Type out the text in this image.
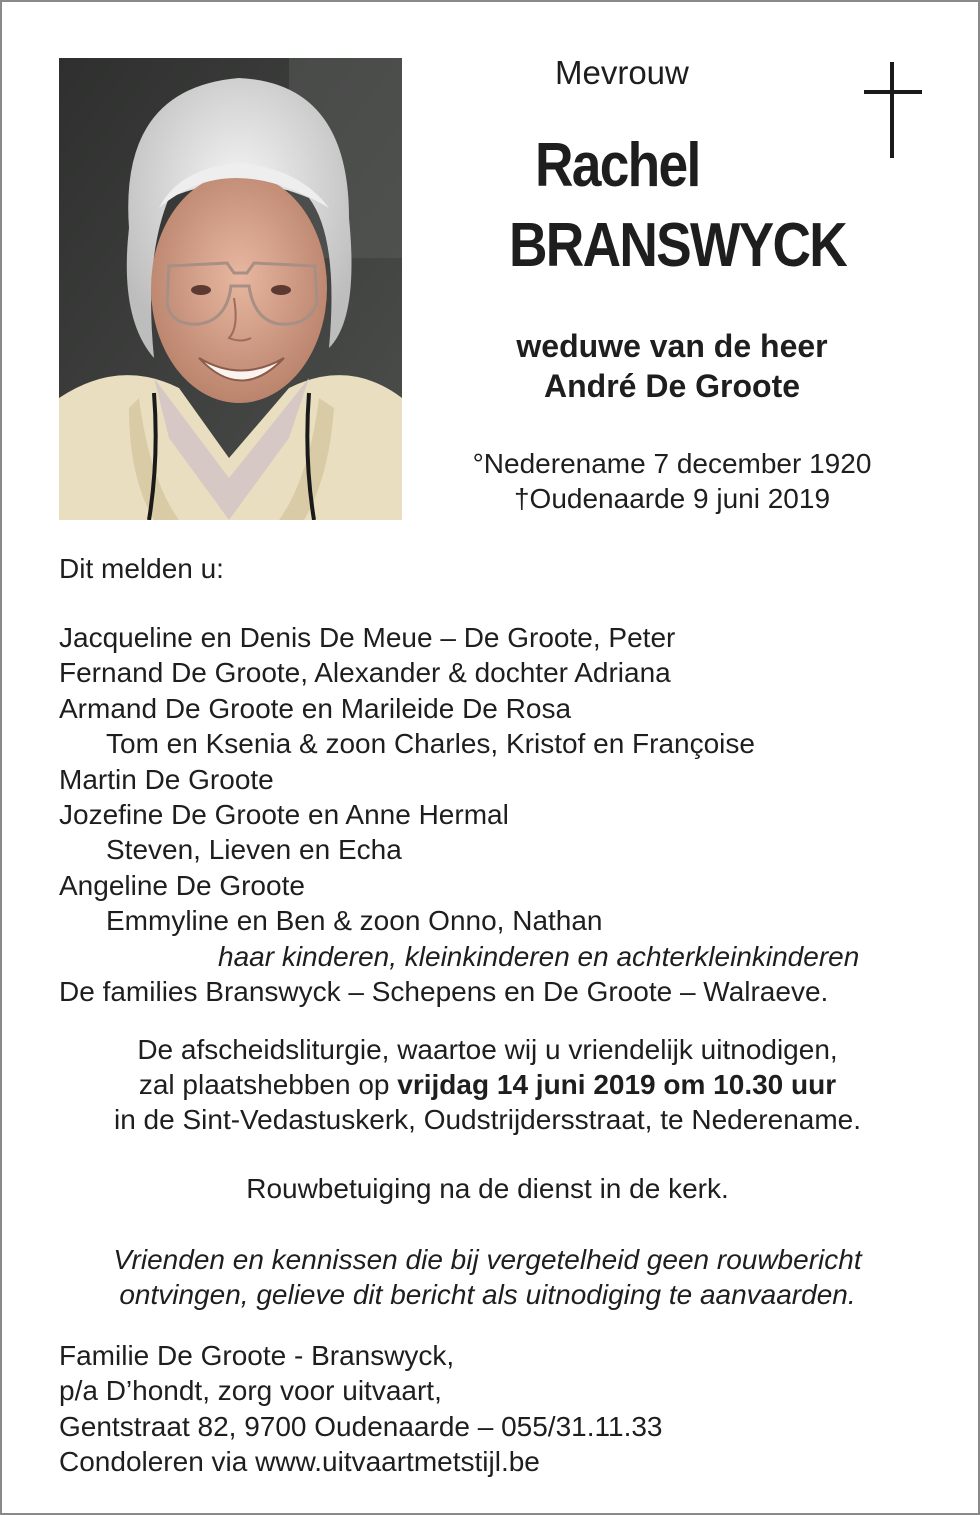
Mevrouw
Rachel
BRANSWYCK
weduwe van de heer
André De Groote
°Nederename 7 december 1920
†Oudenaarde 9 juni 2019
Dit melden u:
Jacqueline en Denis De Meue – De Groote, Peter
Fernand De Groote, Alexander & dochter Adriana
Armand De Groote en Marileide De Rosa
Tom en Ksenia & zoon Charles, Kristof en Françoise
Martin De Groote
Jozefine De Groote en Anne Hermal
Steven, Lieven en Echa
Angeline De Groote
Emmyline en Ben & zoon Onno, Nathan
haar kinderen, kleinkinderen en achterkleinkinderen
De families Branswyck – Schepens en De Groote – Walraeve.
De afscheidsliturgie, waartoe wij u vriendelijk uitnodigen,
zal plaatshebben op vrijdag 14 juni 2019 om 10.30 uur
in de Sint-Vedastuskerk, Oudstrijdersstraat, te Nederename.
Rouwbetuiging na de dienst in de kerk.
Vrienden en kennissen die bij vergetelheid geen rouwbericht
ontvingen, gelieve dit bericht als uitnodiging te aanvaarden.
Familie De Groote - Branswyck,
p/a D’hondt, zorg voor uitvaart,
Gentstraat 82, 9700 Oudenaarde – 055/31.11.33
Condoleren via www.uitvaartmetstijl.be
